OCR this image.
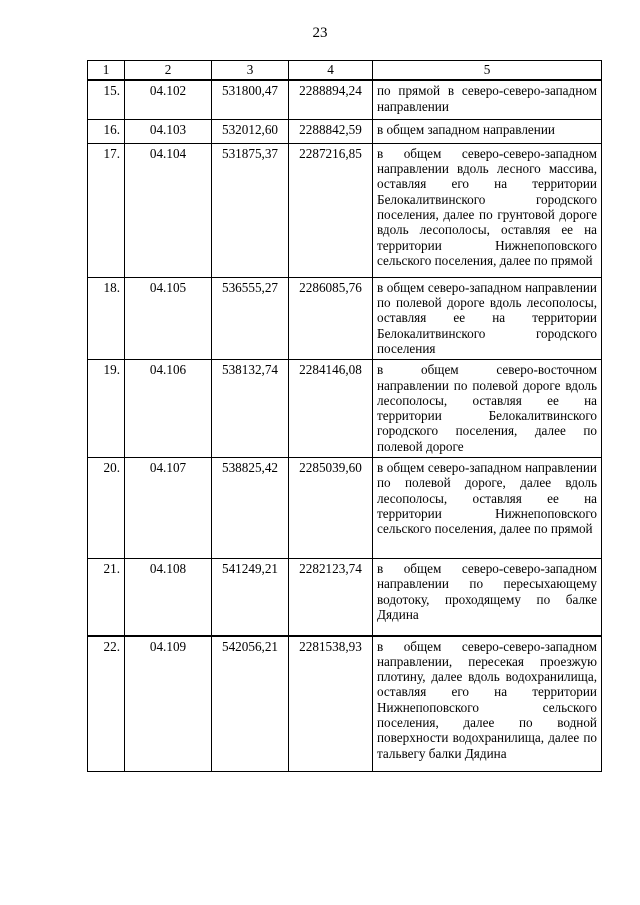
23
1	2	3	4	5
15.	04.102	531800,47	2288894,24	по прямой в северо-северо-западном направлении
16.	04.103	532012,60	2288842,59	в общем западном направлении
17.	04.104	531875,37	2287216,85	в общем северо-северо-западном направлении вдоль лесного массива, оставляя его на территории Белокалитвинского городского поселения, далее по грунтовой дороге вдоль лесополосы, оставляя ее на территории Нижнепоповского сельского поселения, далее по прямой
18.	04.105	536555,27	2286085,76	в общем северо-западном направлении по полевой дороге вдоль лесополосы, оставляя ее на территории Белокалитвинского городского поселения
19.	04.106	538132,74	2284146,08	в общем северо-восточном направлении по полевой дороге вдоль лесополосы, оставляя ее на территории Белокалитвинского городского поселения, далее по полевой дороге
20.	04.107	538825,42	2285039,60	в общем северо-западном направлении по полевой дороге, далее вдоль лесополосы, оставляя ее на территории Нижнепоповского сельского поселения, далее по прямой
21.	04.108	541249,21	2282123,74	в общем северо-северо-западном направлении по пересыхающему водотоку, проходящему по балке Дядина
22.	04.109	542056,21	2281538,93	в общем северо-северо-западном направлении, пересекая проезжую плотину, далее вдоль водохранилища, оставляя его на территории Нижнепоповского сельского поселения, далее по водной поверхности водохранилища, далее по тальвегу балки Дядина
